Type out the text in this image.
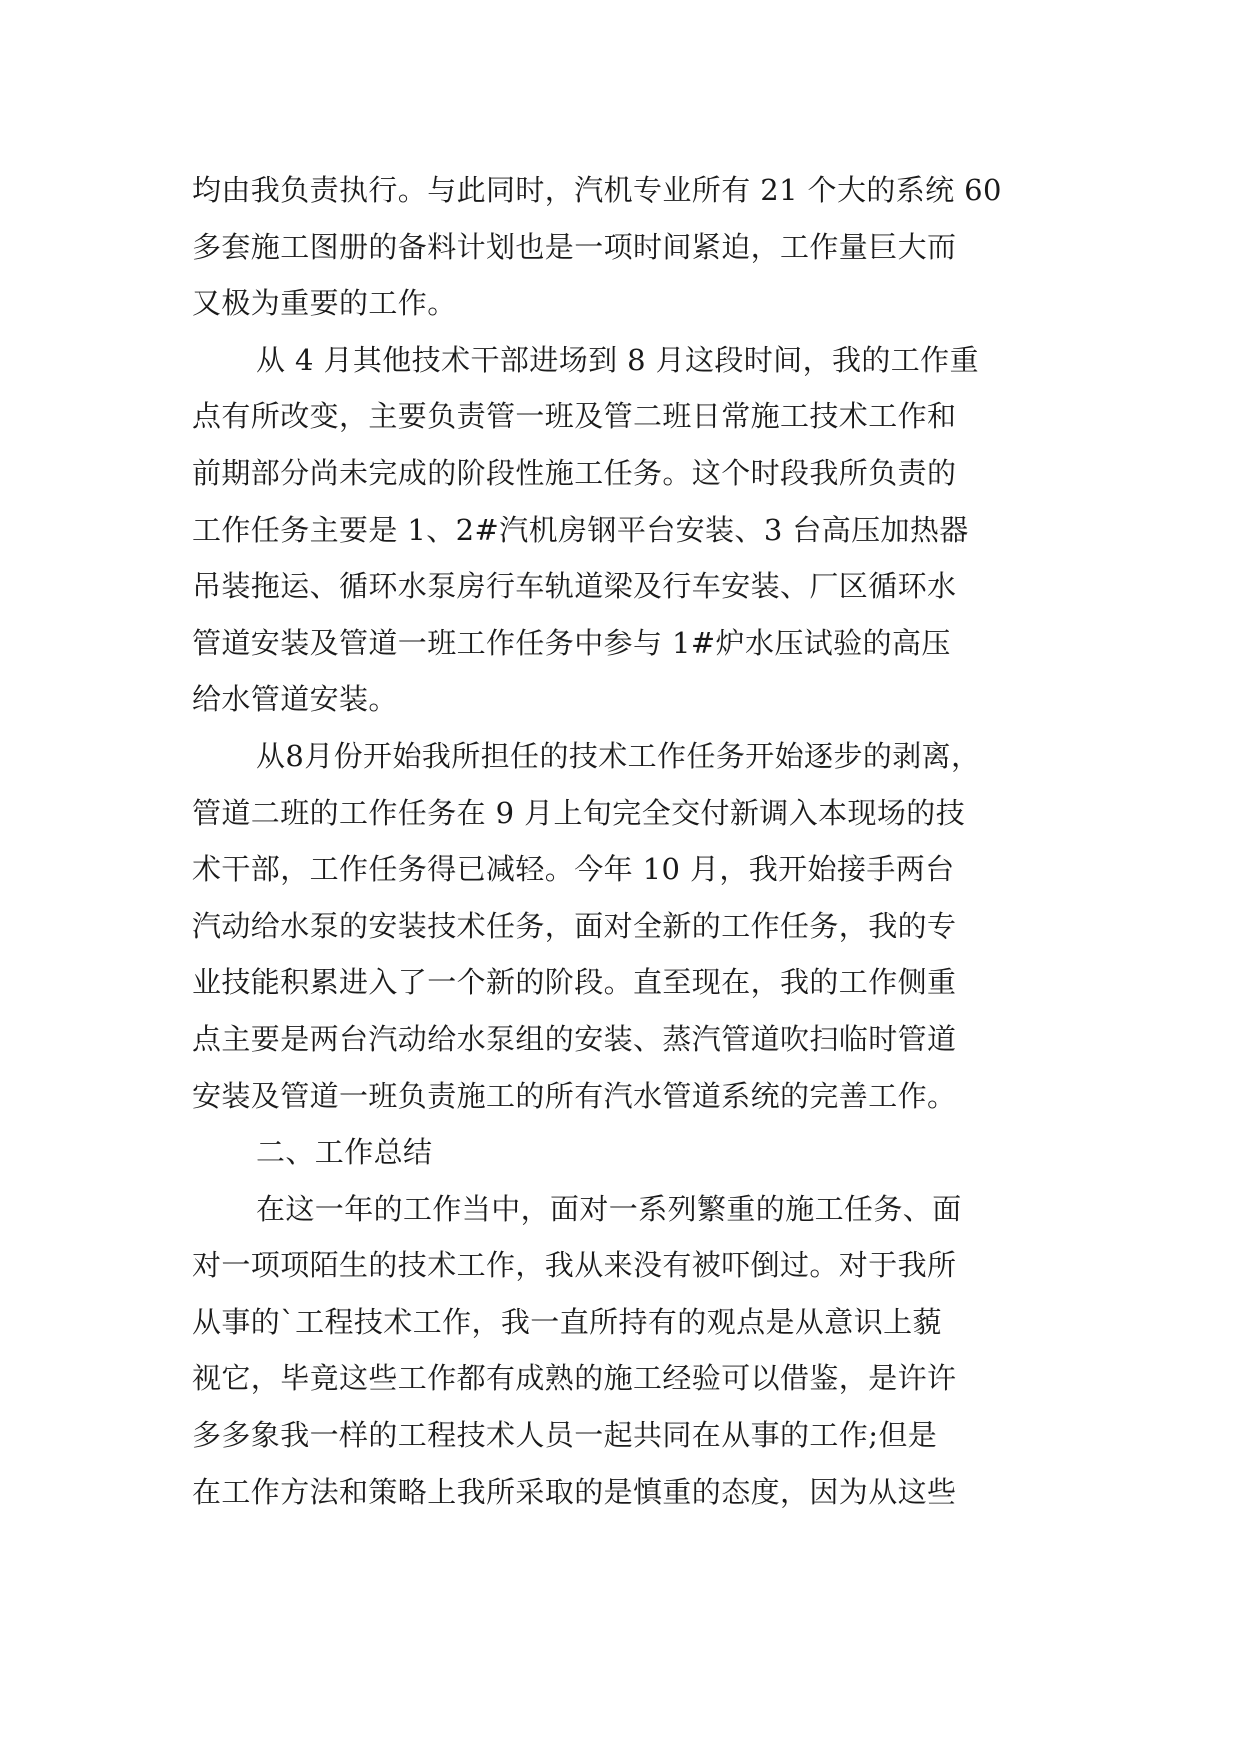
均由我负责执行。与此同时，汽机专业所有 21 个大的系统 60
多套施工图册的备料计划也是一项时间紧迫，工作量巨大而
又极为重要的工作。
从 4 月其他技术干部进场到 8 月这段时间，我的工作重
点有所改变，主要负责管一班及管二班日常施工技术工作和
前期部分尚未完成的阶段性施工任务。这个时段我所负责的
工作任务主要是 1、2#汽机房钢平台安装、3 台高压加热器
吊装拖运、循环水泵房行车轨道梁及行车安装、厂区循环水
管道安装及管道一班工作任务中参与 1#炉水压试验的高压
给水管道安装。
从8月份开始我所担任的技术工作任务开始逐步的剥离，
管道二班的工作任务在 9 月上旬完全交付新调入本现场的技
术干部，工作任务得已减轻。今年 10 月，我开始接手两台
汽动给水泵的安装技术任务，面对全新的工作任务，我的专
业技能积累进入了一个新的阶段。直至现在，我的工作侧重
点主要是两台汽动给水泵组的安装、蒸汽管道吹扫临时管道
安装及管道一班负责施工的所有汽水管道系统的完善工作。
二、工作总结
在这一年的工作当中，面对一系列繁重的施工任务、面
对一项项陌生的技术工作，我从来没有被吓倒过。对于我所
从事的`工程技术工作，我一直所持有的观点是从意识上藐
视它，毕竟这些工作都有成熟的施工经验可以借鉴，是许许
多多象我一样的工程技术人员一起共同在从事的工作;但是
在工作方法和策略上我所采取的是慎重的态度，因为从这些
